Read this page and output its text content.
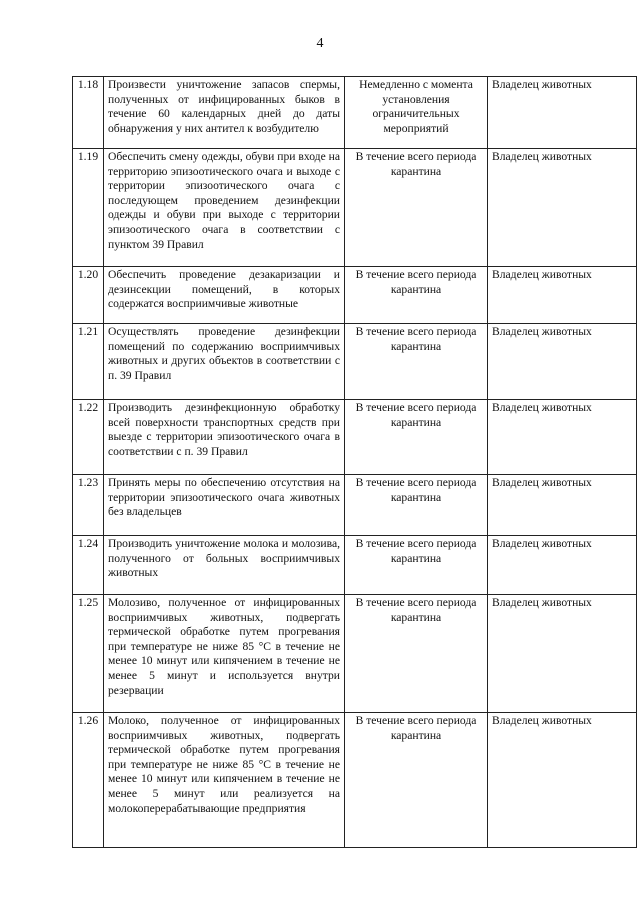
4
1.18	Произвести уничтожение запасов спермы, полученных от инфицированных быков в течение 60 календарных дней до даты обнаружения у них антител к возбудителю	Немедленно с момента установления ограничительных мероприятий	Владелец животных
1.19	Обеспечить смену одежды, обуви при входе на территорию эпизоотического очага и выходе с территории эпизоотического очага с последующем проведением дезинфекции одежды и обуви при выходе с территории эпизоотического очага в соответствии с пунктом 39 Правил	В течение всего периода карантина	Владелец животных
1.20	Обеспечить проведение дезакаризации и дезинсекции помещений, в которых содержатся восприимчивые животные	В течение всего периода карантина	Владелец животных
1.21	Осуществлять проведение дезинфекции помещений по содержанию восприимчивых животных и других объектов в соответствии с п. 39 Правил	В течение всего периода карантина	Владелец животных
1.22	Производить дезинфекционную обработку всей поверхности транспортных средств при выезде с территории эпизоотического очага в соответствии с п. 39 Правил	В течение всего периода карантина	Владелец животных
1.23	Принять меры по обеспечению отсутствия на территории эпизоотического очага животных без владельцев	В течение всего периода карантина	Владелец животных
1.24	Производить уничтожение молока и молозива, полученного от больных восприимчивых животных	В течение всего периода карантина	Владелец животных
1.25	Молозиво, полученное от инфицированных восприимчивых животных, подвергать термической обработке путем прогревания при температуре не ниже 85 °С в течение не менее 10 минут или кипячением в течение не менее 5 минут и используется внутри резервации	В течение всего периода карантина	Владелец животных
1.26	Молоко, полученное от инфицированных восприимчивых животных, подвергать термической обработке путем прогревания при температуре не ниже 85 °С в течение не менее 10 минут или кипячением в течение не менее 5 минут или реализуется на молокоперерабатывающие предприятия	В течение всего периода карантина	Владелец животных
